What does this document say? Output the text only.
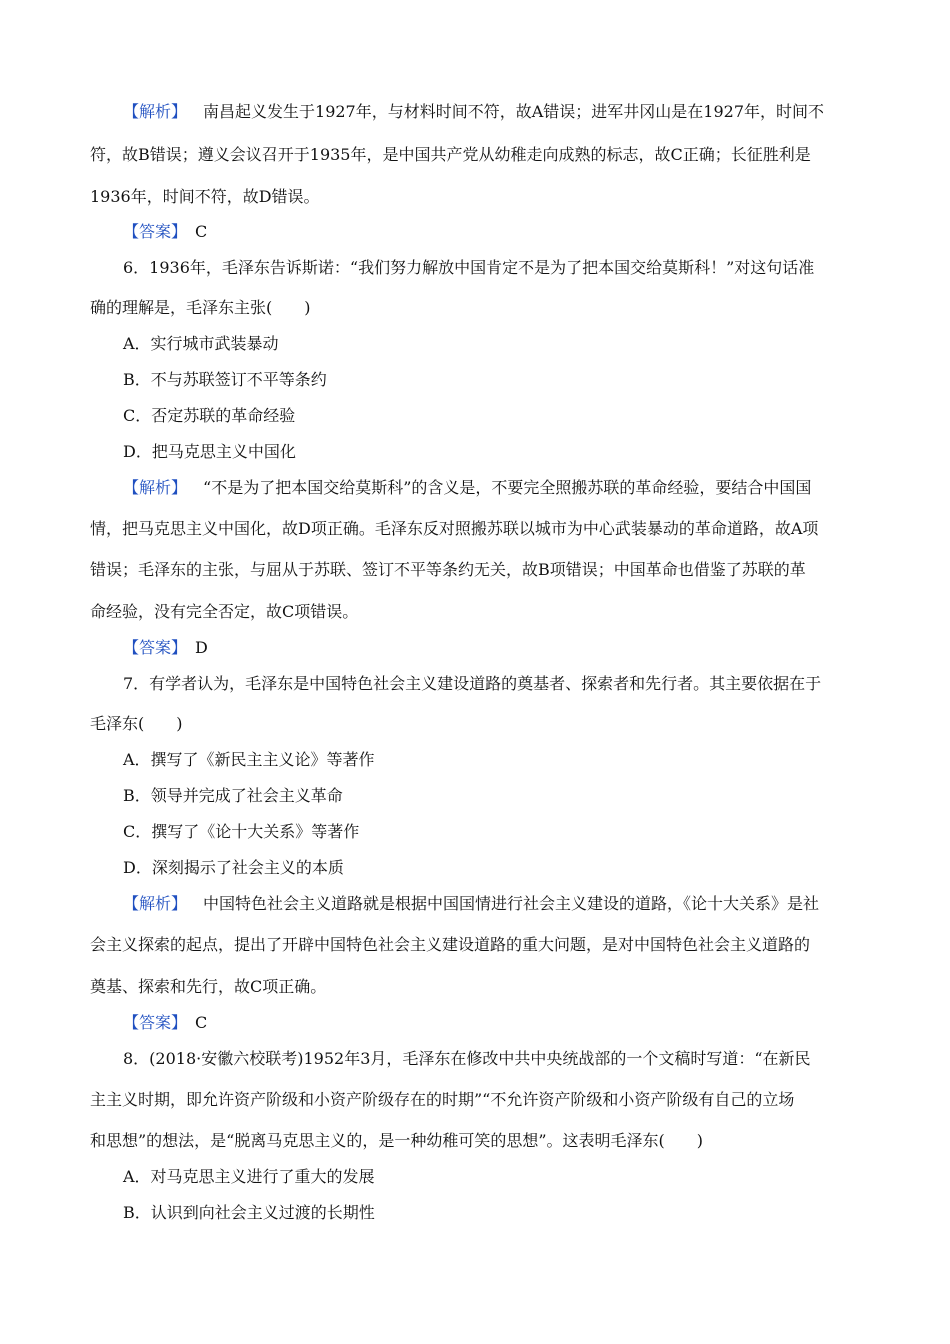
【解析】  南昌起义发生于1927年，与材料时间不符，故A错误；进军井冈山是在1927年，时间不
符，故B错误；遵义会议召开于1935年，是中国共产党从幼稚走向成熟的标志，故C正确；长征胜利是
1936年，时间不符，故D错误。
【答案】  C
6．1936年，毛泽东告诉斯诺：“我们努力解放中国肯定不是为了把本国交给莫斯科！”对这句话准
确的理解是，毛泽东主张(　　)
A．实行城市武装暴动
B．不与苏联签订不平等条约
C．否定苏联的革命经验
D．把马克思主义中国化
【解析】  “不是为了把本国交给莫斯科”的含义是，不要完全照搬苏联的革命经验，要结合中国国
情，把马克思主义中国化，故D项正确。毛泽东反对照搬苏联以城市为中心武装暴动的革命道路，故A项
错误；毛泽东的主张，与屈从于苏联、签订不平等条约无关，故B项错误；中国革命也借鉴了苏联的革
命经验，没有完全否定，故C项错误。
【答案】  D
7．有学者认为，毛泽东是中国特色社会主义建设道路的奠基者、探索者和先行者。其主要依据在于
毛泽东(　　)
A．撰写了《新民主主义论》等著作
B．领导并完成了社会主义革命
C．撰写了《论十大关系》等著作
D．深刻揭示了社会主义的本质
【解析】  中国特色社会主义道路就是根据中国国情进行社会主义建设的道路，《论十大关系》是社
会主义探索的起点，提出了开辟中国特色社会主义建设道路的重大问题，是对中国特色社会主义道路的
奠基、探索和先行，故C项正确。
【答案】  C
8．(2018·安徽六校联考)1952年3月，毛泽东在修改中共中央统战部的一个文稿时写道：“在新民
主主义时期，即允许资产阶级和小资产阶级存在的时期”“不允许资产阶级和小资产阶级有自己的立场
和思想”的想法，是“脱离马克思主义的，是一种幼稚可笑的思想”。这表明毛泽东(　　)
A．对马克思主义进行了重大的发展
B．认识到向社会主义过渡的长期性
